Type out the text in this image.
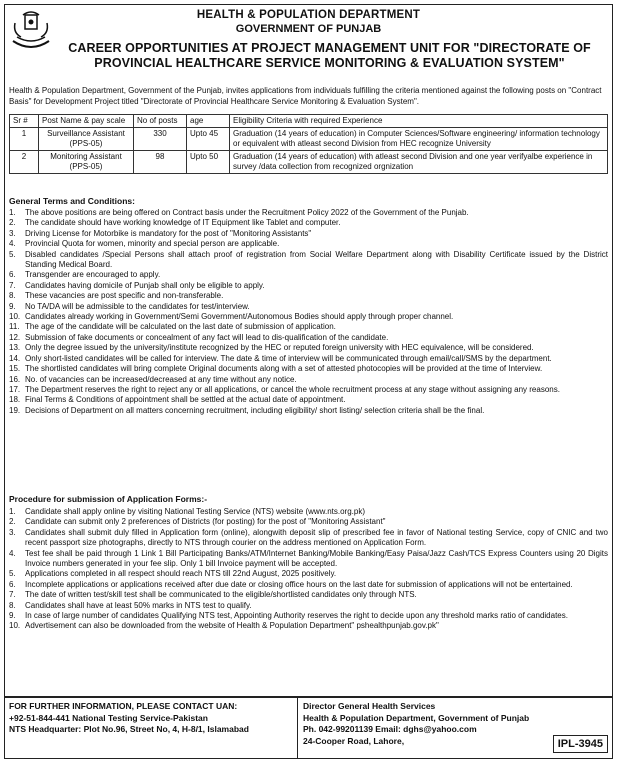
HEALTH & POPULATION DEPARTMENT
GOVERNMENT OF PUNJAB
CAREER OPPORTUNITIES AT PROJECT MANAGEMENT UNIT FOR "DIRECTORATE OF
PROVINCIAL HEALTHCARE SERVICE MONITORING & EVALUATION SYSTEM"
Health & Population Department, Government of the Punjab, invites applications from individuals fulfilling the criteria mentioned against the following posts on "Contract Basis" for Development Project titled "Directorate of Provincial Healthcare Service Monitoring & Evaluation System".
Sr #	Post Name & pay scale	No of posts	age	Eligibility Criteria with required Experience
1	Surveillance Assistant (PPS-05)	330	Upto 45	Graduation (14 years of education) in Computer Sciences/Software engineering/ information technology or equivalent with atleast second Division from HEC recognize University
2	Monitoring Assistant (PPS-05)	98	Upto 50	Graduation (14 years of education) with atleast second Division and one year verifyalbe experience in survey /data collection from recognized orgnization
General Terms and Conditions:
1.	The above positions are being offered on Contract basis under the Recruitment Policy 2022 of the Government of the Punjab.
2.	The candidate should have working knowledge of IT Equipment like Tablet and computer.
3.	Driving License for Motorbike is mandatory for the post of "Monitoring Assistants"
4.	Provincial Quota for women, minority and special person are applicable.
5.	Disabled candidates /Special Persons shall attach proof of registration from Social Welfare Department along with Disability Certificate issued by the District Standing Medical Board.
6.	Transgender are encouraged to apply.
7.	Candidates having domicile of Punjab shall only be eligible to apply.
8.	These vacancies are post specific and non-transferable.
9.	No TA/DA will be admissible to the candidates for test/interview.
10. Candidates already working in Government/Semi Government/Autonomous Bodies should apply through proper channel.
11. The age of the candidate will be calculated on the last date of submission of application.
12. Submission of fake documents or concealment of any fact will lead to dis-qualification of the candidate.
13. Only the degree issued by the university/institute recognized by the HEC or reputed foreign university with HEC equivalence, will be considered.
14. Only short-listed candidates will be called for interview. The date & time of interview will be communicated through email/call/SMS by the department.
15. The shortlisted candidates will bring complete Original documents along with a set of attested photocopies will be provided at the time of Interview.
16. No. of vacancies can be increased/decreased at any time without any notice.
17. The Department reserves the right to reject any or all applications, or cancel the whole recruitment process at any stage without assigning any reasons.
18. Final Terms & Conditions of appointment shall be settled at the actual date of appointment.
19. Decisions of Department on all matters concerning recruitment, including eligibility/ short listing/ selection criteria shall be the final.
Procedure for submission of Application Forms:-
1.	Candidate shall apply online by visiting National Testing Service (NTS) website (www.nts.org.pk)
2.	Candidate can submit only 2 preferences of Districts (for posting) for the post of "Monitoring Assistant"
3.	Candidates shall submit duly filled in Application form (online), alongwith deposit slip of prescribed fee in favor of National testing Service, copy of CNIC and two recent passport size photographs, directly to NTS through courier on the address mentioned on Application Form.
4.	Test fee shall be paid through 1 Link 1 Bill Participating Banks/ATM/Internet Banking/Mobile Banking/Easy Paisa/Jazz Cash/TCS Express Counters using 20 Digits Invoice numbers generated in your fee slip. Only 1 bill Invoice payment will be accepted.
5.	Applications completed in all respect should reach NTS till 22nd August, 2025 positively.
6.	Incomplete applications or applications received after due date or closing office hours on the last date for submission of applications will not be entertained.
7.	The date of written test/skill test shall be communicated to the eligible/shortlisted candidates only through NTS.
8.	Candidates shall have at least 50% marks in NTS test to qualify.
9.	In case of large number of candidates Qualifying NTS test, Appointing Authority reserves the right to decide upon any threshold marks ratio of candidates.
10. Advertisement can also be downloaded from the website of Health & Population Department" pshealthpunjab.gov.pk"
FOR FURTHER INFORMATION, PLEASE CONTACT UAN:
+92-51-844-441 National Testing Service-Pakistan
NTS Headquarter: Plot No.96, Street No, 4, H-8/1, Islamabad
Director General Health Services
Health & Population Department, Government of Punjab
Ph. 042-99201139 Email: dghs@yahoo.com
24-Cooper Road, Lahore,	IPL-3945
